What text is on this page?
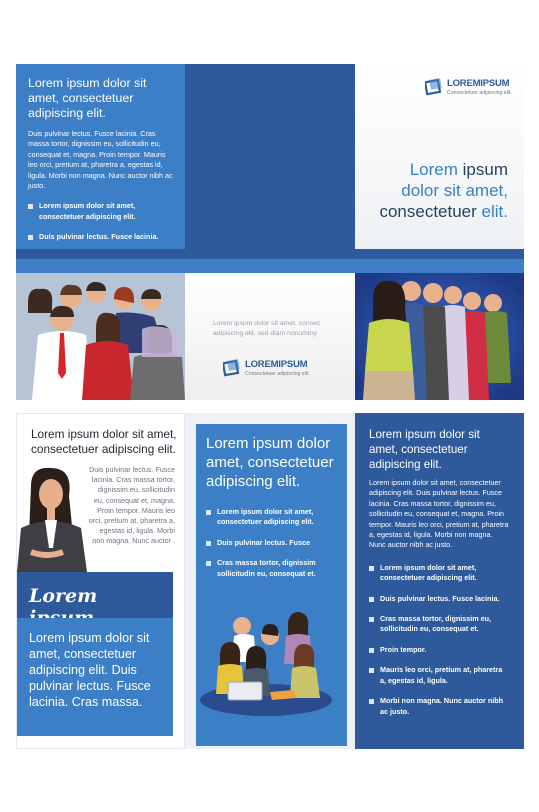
Lorem ipsum dolor sit amet, consectetuer adipiscing elit.
Duis pulvinar lectus. Fusce lacinia. Cras massa tortor, dignissim eu, sollicitudin eu, consequat et, magna. Proin tempor. Mauris leo orci, pretium at, pharetra a, egestas id, ligula. Morbi non magna. Nunc auctor nibh ac justo.
Lorem ipsum dolor sit amet, consectetuer adipiscing elit.
Duis pulvinar lectus. Fusce lacinia.
LOREMIPSUM
Consectetuer adipiscing elit.
Lorem ipsum
dolor sit amet,
consectetuer elit.
Lorem ipsum dolor sit amet, consec adipiscing elit, sed diam nonummy
LOREMIPSUM
Consectetuer adipiscing elit.
Lorem ipsum dolor sit amet, consectetuer adipiscing elit.
Duis pulvinar lectus. Fusce lacinia. Cras massa tortor, dignissim eu, sollicitudin eu, consequat et, magna. Proin tempor. Mauris leo orci, pretium at, pharetra a, egestas id, ligula. Morbi non magna. Nunc auctor .
Lorem
Lorem ipsum dolor sit amet, consectetuer adipiscing elit. Duis pulvinar lectus. Fusce lacinia. Cras massa.
Lorem ipsum dolor amet, consectetuer adipiscing elit.
Lorem ipsum dolor sit amet, consectetuer adipiscing elit.
Duis pulvinar lectus. Fusce
Cras massa tortor, dignissim sollicitudin eu, consequat et.
Lorem ipsum dolor sit amet, consectetuer adipiscing elit.
Lorem ipsum dolor sit amet, consectetuer adipiscing elit. Duis pulvinar lectus. Fusce lacinia. Cras massa tortor, dignissim eu, sollicitudin eu, consequat et, magna. Proin tempor. Mauris leo orci, pretium at, pharetra a, egestas id, ligula. Morbi non magna. Nunc auctor nibh ac justo.
Lorem ipsum dolor sit amet, consectetuer adipiscing elit.
Duis pulvinar lectus. Fusce lacinia.
Cras massa tortor, dignissim eu, sollicitudin eu, consequat et.
Proin tempor.
Mauris leo orci, pretium at, pharetra a, egestas id, ligula.
Morbi non magna. Nunc auctor nibh ac justo.
